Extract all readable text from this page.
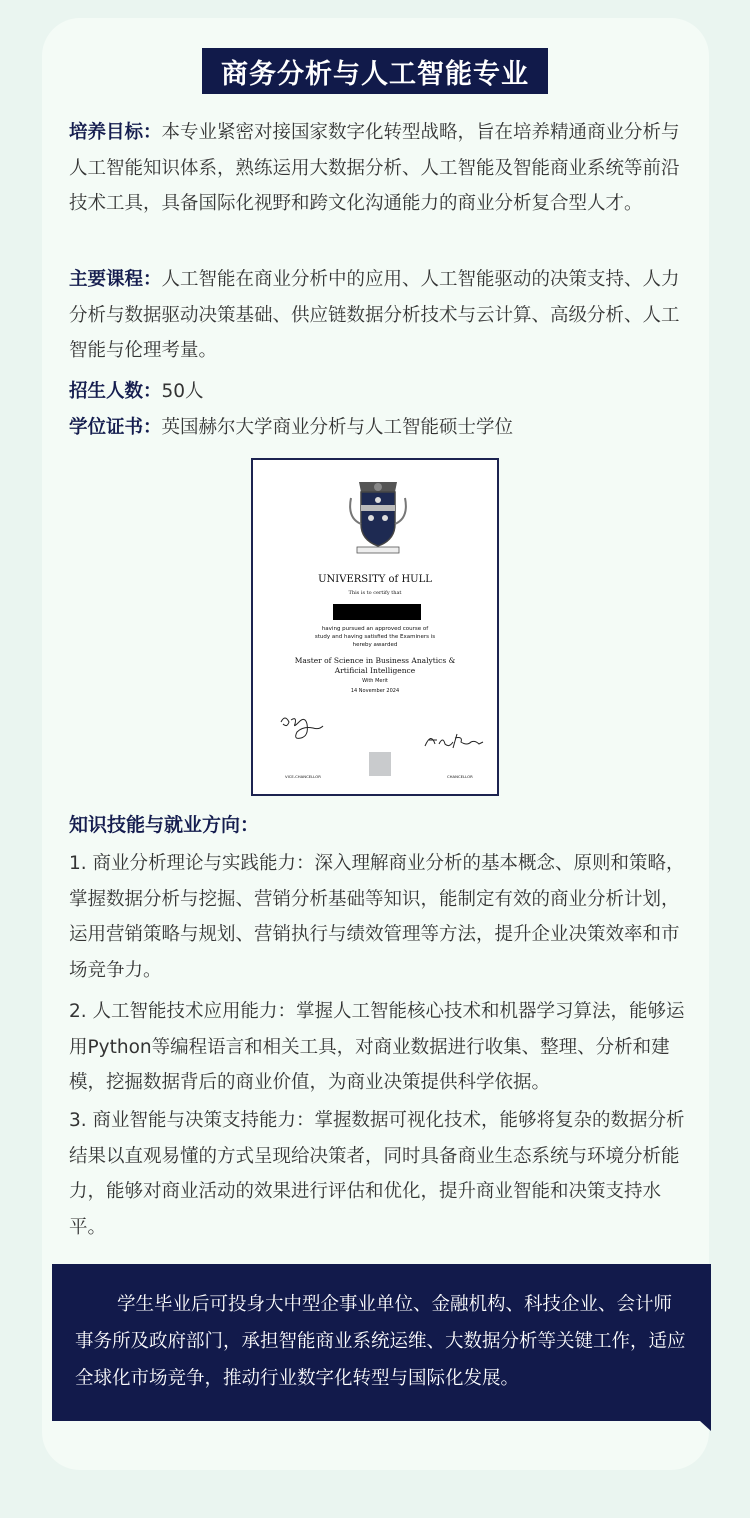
商务分析与人工智能专业
培养目标：本专业紧密对接国家数字化转型战略，旨在培养精通商业分析与人工智能知识体系，熟练运用大数据分析、人工智能及智能商业系统等前沿技术工具，具备国际化视野和跨文化沟通能力的商业分析复合型人才。
主要课程：人工智能在商业分析中的应用、人工智能驱动的决策支持、人力分析与数据驱动决策基础、供应链数据分析技术与云计算、高级分析、人工智能与伦理考量。
招生人数：50人
学位证书：英国赫尔大学商业分析与人工智能硕士学位
UNIVERSITY of HULL
This is to certify that
having pursued an approved course of
study and having satisfied the Examiners is
hereby awarded
Master of Science in Business Analytics &
Artificial Intelligence
With Merit
14 November 2024
VICE-CHANCELLOR	CHANCELLOR
知识技能与就业方向：
1. 商业分析理论与实践能力：深入理解商业分析的基本概念、原则和策略，掌握数据分析与挖掘、营销分析基础等知识，能制定有效的商业分析计划，运用营销策略与规划、营销执行与绩效管理等方法，提升企业决策效率和市场竞争力。
2. 人工智能技术应用能力：掌握人工智能核心技术和机器学习算法，能够运用Python等编程语言和相关工具，对商业数据进行收集、整理、分析和建模，挖掘数据背后的商业价值，为商业决策提供科学依据。
3. 商业智能与决策支持能力：掌握数据可视化技术，能够将复杂的数据分析结果以直观易懂的方式呈现给决策者，同时具备商业生态系统与环境分析能力，能够对商业活动的效果进行评估和优化，提升商业智能和决策支持水平。
学生毕业后可投身大中型企事业单位、金融机构、科技企业、会计师事务所及政府部门，承担智能商业系统运维、大数据分析等关键工作，适应全球化市场竞争，推动行业数字化转型与国际化发展。
